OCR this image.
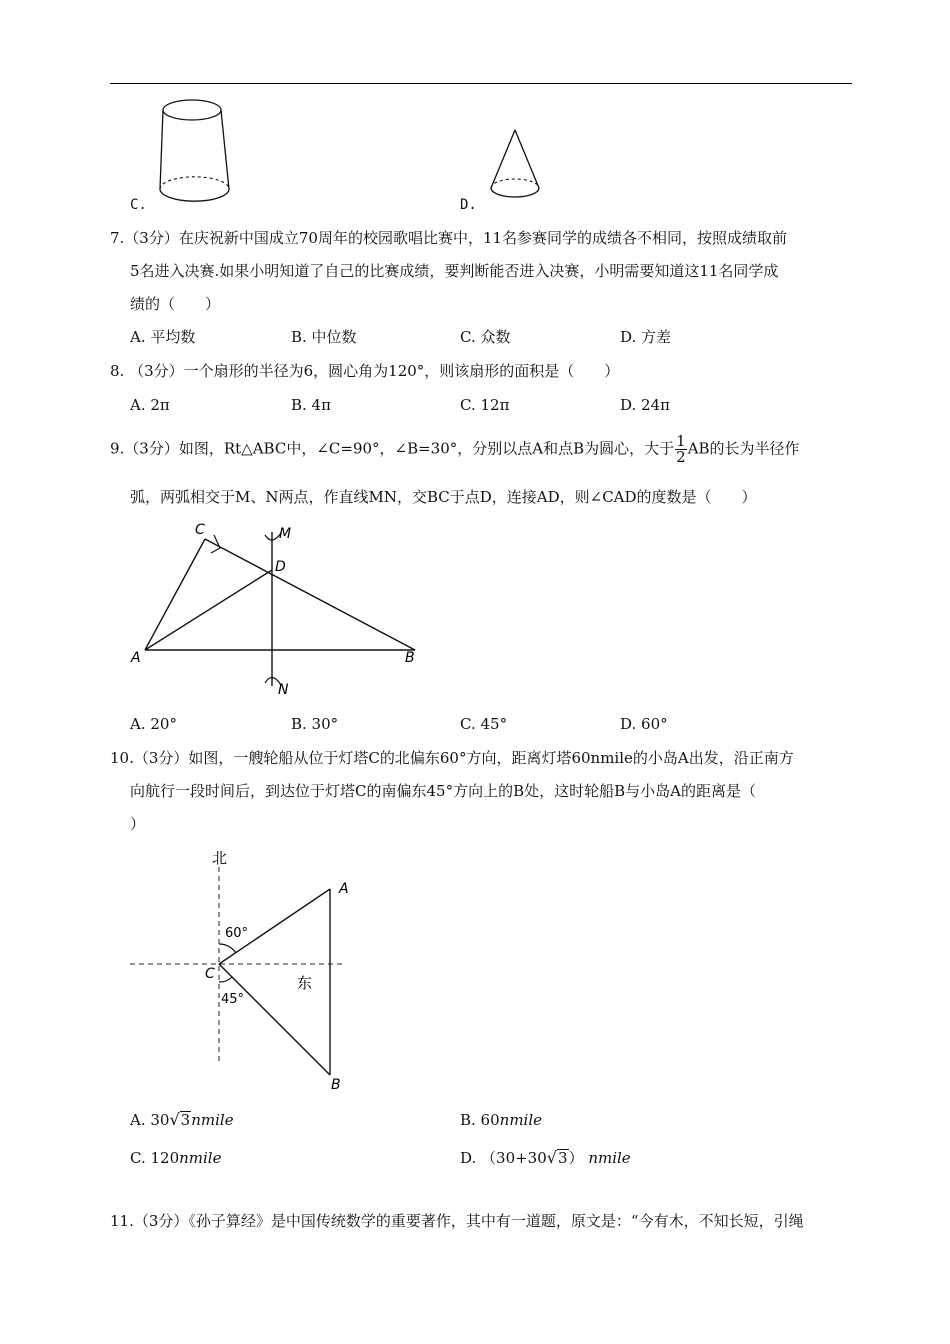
C.	D.
7.（3分）在庆祝新中国成立70周年的校园歌唱比赛中，11名参赛同学的成绩各不相同，按照成绩取前
5名进入决赛.如果小明知道了自己的比赛成绩，要判断能否进入决赛，小明需要知道这11名同学成
绩的（　　）
A. 平均数	B. 中位数	C. 众数	D. 方差
8. （3分）一个扇形的半径为6，圆心角为120°，则该扇形的面积是（　　）
A. 2π	B. 4π	C. 12π	D. 24π
9.（3分）如图，Rt△ABC中，∠C=90°，∠B=30°，分别以点A和点B为圆心，大于 $\frac{1}{2}$ AB的长为半径作
弧，两弧相交于M、N两点，作直线MN，交BC于点D，连接AD，则∠CAD的度数是（　　）
C	M
D
A	B
N
A. 20°	B. 30°	C. 45°	D. 60°
10.（3分）如图，一艘轮船从位于灯塔C的北偏东60°方向，距离灯塔60nmile的小岛A出发，沿正南方
向航行一段时间后，到达位于灯塔C的南偏东45°方向上的B处，这时轮船B与小岛A的距离是（
）
北
东
A
B
C
60°
45°
A. 30√3nmile	B. 60nmile
C. 120nmile	D. （30+30√3） nmile
11.（3分）《孙子算经》是中国传统数学的重要著作，其中有一道题，原文是：“今有木，不知长短，引绳
